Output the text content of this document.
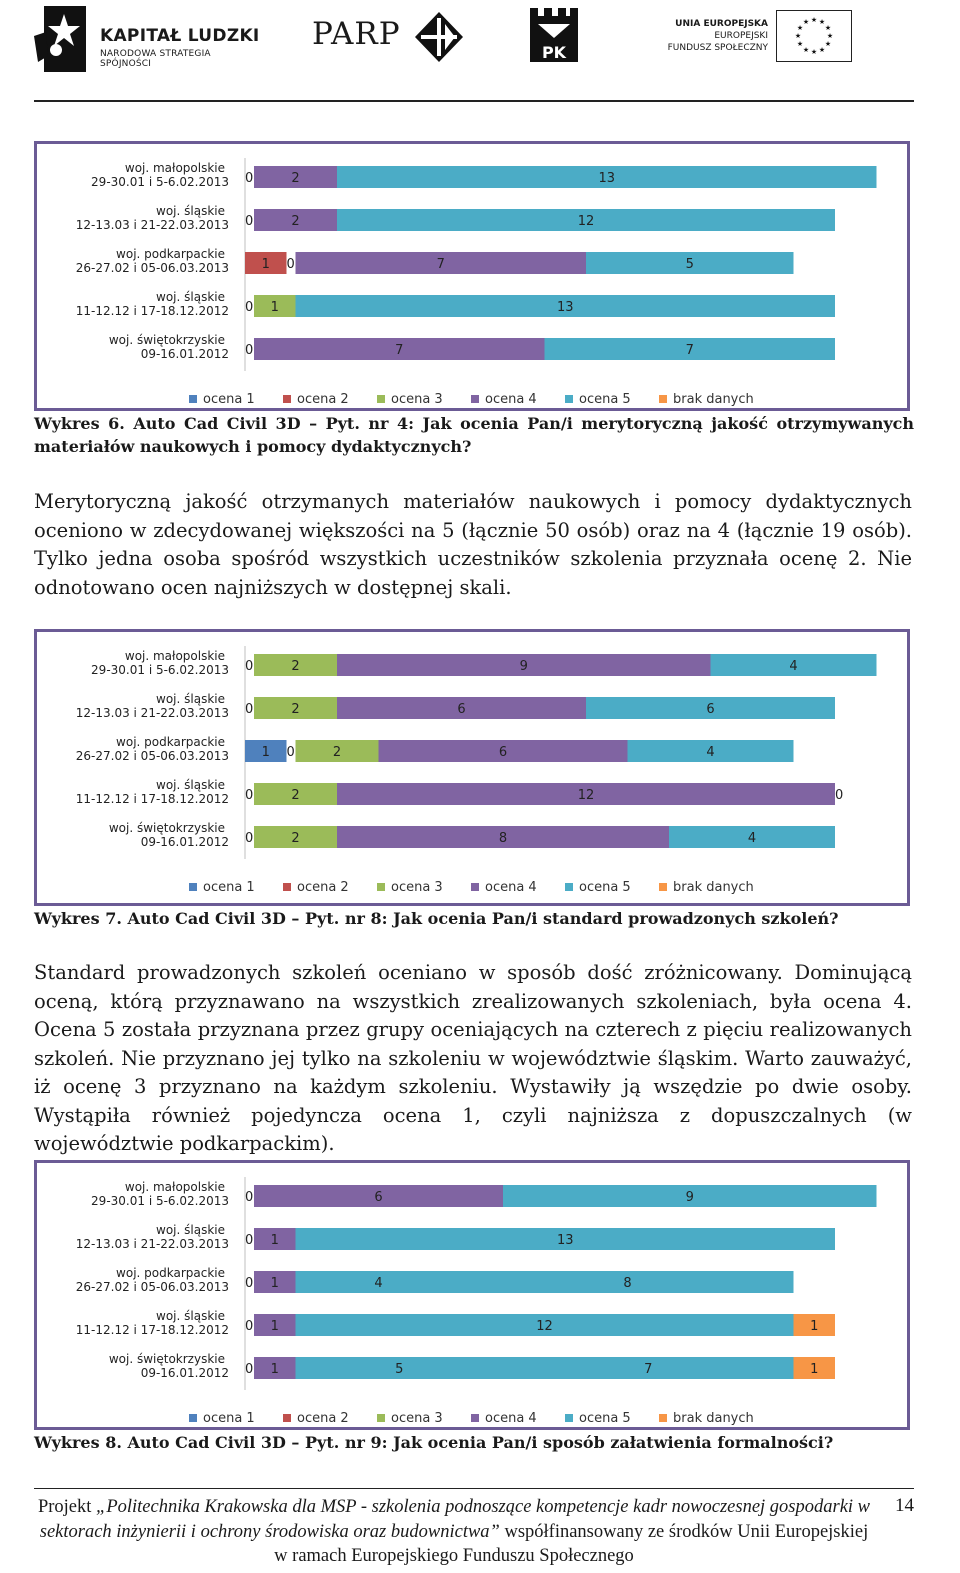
KAPITAŁ LUDZKI
NARODOWA STRATEGIA SPÓJNOŚCI
PARP
PK
UNIA EUROPEJSKA
EUROPEJSKI
FUNDUSZ SPOŁECZNY
★ ★
★
★
★
★
★
★
★
★
★
★
woj. małopolskie
29-30.01 i 5-6.02.2013 0	2	13
woj. śląskie
12-13.03 i 21-22.03.2013 0	2	12
woj. podkarpackie
26-27.02 i 05-06.03.2013	1 0	7	5
woj. śląskie
11-12.12 i 17-18.12.2012 0 1	13
woj. świętokrzyskie
09-16.01.2012 0	7	7
ocena 1	ocena 2	ocena 3	ocena 4	ocena 5	brak danych
Wykres 6. Auto Cad Civil 3D – Pyt. nr 4: Jak ocenia Pan/i merytoryczną jakość otrzymywanych materiałów naukowych i pomocy dydaktycznych?
Merytoryczną jakość otrzymanych materiałów naukowych i pomocy dydaktycznych oceniono w zdecydowanej większości na 5 (łącznie 50 osób) oraz na 4 (łącznie 19 osób). Tylko jedna osoba spośród wszystkich uczestników szkolenia przyznała ocenę 2. Nie odnotowano ocen najniższych w dostępnej skali.
woj. małopolskie
29-30.01 i 5-6.02.2013 0	2	9	4
woj. śląskie
12-13.03 i 21-22.03.2013 0	2	6	6
woj. podkarpackie
26-27.02 i 05-06.03.2013	1 0	2	6	4
woj. śląskie
11-12.12 i 17-18.12.2012 0	2	12	0
woj. świętokrzyskie
09-16.01.2012 0	2	8	4
ocena 1	ocena 2	ocena 3	ocena 4	ocena 5	brak danych
Wykres 7. Auto Cad Civil 3D – Pyt. nr 8: Jak ocenia Pan/i standard prowadzonych szkoleń?
Standard prowadzonych szkoleń oceniano w sposób dość zróżnicowany. Dominującą oceną, którą przyznawano na wszystkich zrealizowanych szkoleniach, była ocena 4. Ocena 5 została przyznana przez grupy oceniających na czterech z pięciu realizowanych szkoleń. Nie przyznano jej tylko na szkoleniu w województwie śląskim. Warto zauważyć, iż ocenę 3 przyznano na każdym szkoleniu. Wystawiły ją wszędzie po dwie osoby. Wystąpiła również pojedyncza ocena 1, czyli najniższa z dopuszczalnych (w województwie podkarpackim).
woj. małopolskie
29-30.01 i 5-6.02.2013 0	6	9
woj. śląskie
12-13.03 i 21-22.03.2013 0 1	13
woj. podkarpackie
26-27.02 i 05-06.03.2013 0 1	4	8
woj. śląskie
11-12.12 i 17-18.12.2012 0 1	12	1
woj. świętokrzyskie
09-16.01.2012 0 1	5	7	1
ocena 1	ocena 2	ocena 3	ocena 4	ocena 5	brak danych
Wykres 8. Auto Cad Civil 3D – Pyt. nr 9: Jak ocenia Pan/i sposób załatwienia formalności?
Projekt „Politechnika Krakowska dla MSP - szkolenia podnoszące kompetencje kadr nowoczesnej gospodarki w sektorach inżynierii i ochrony środowiska oraz budownictwa” współfinansowany ze środków Unii Europejskiej w ramach Europejskiego Funduszu Społecznego
14
